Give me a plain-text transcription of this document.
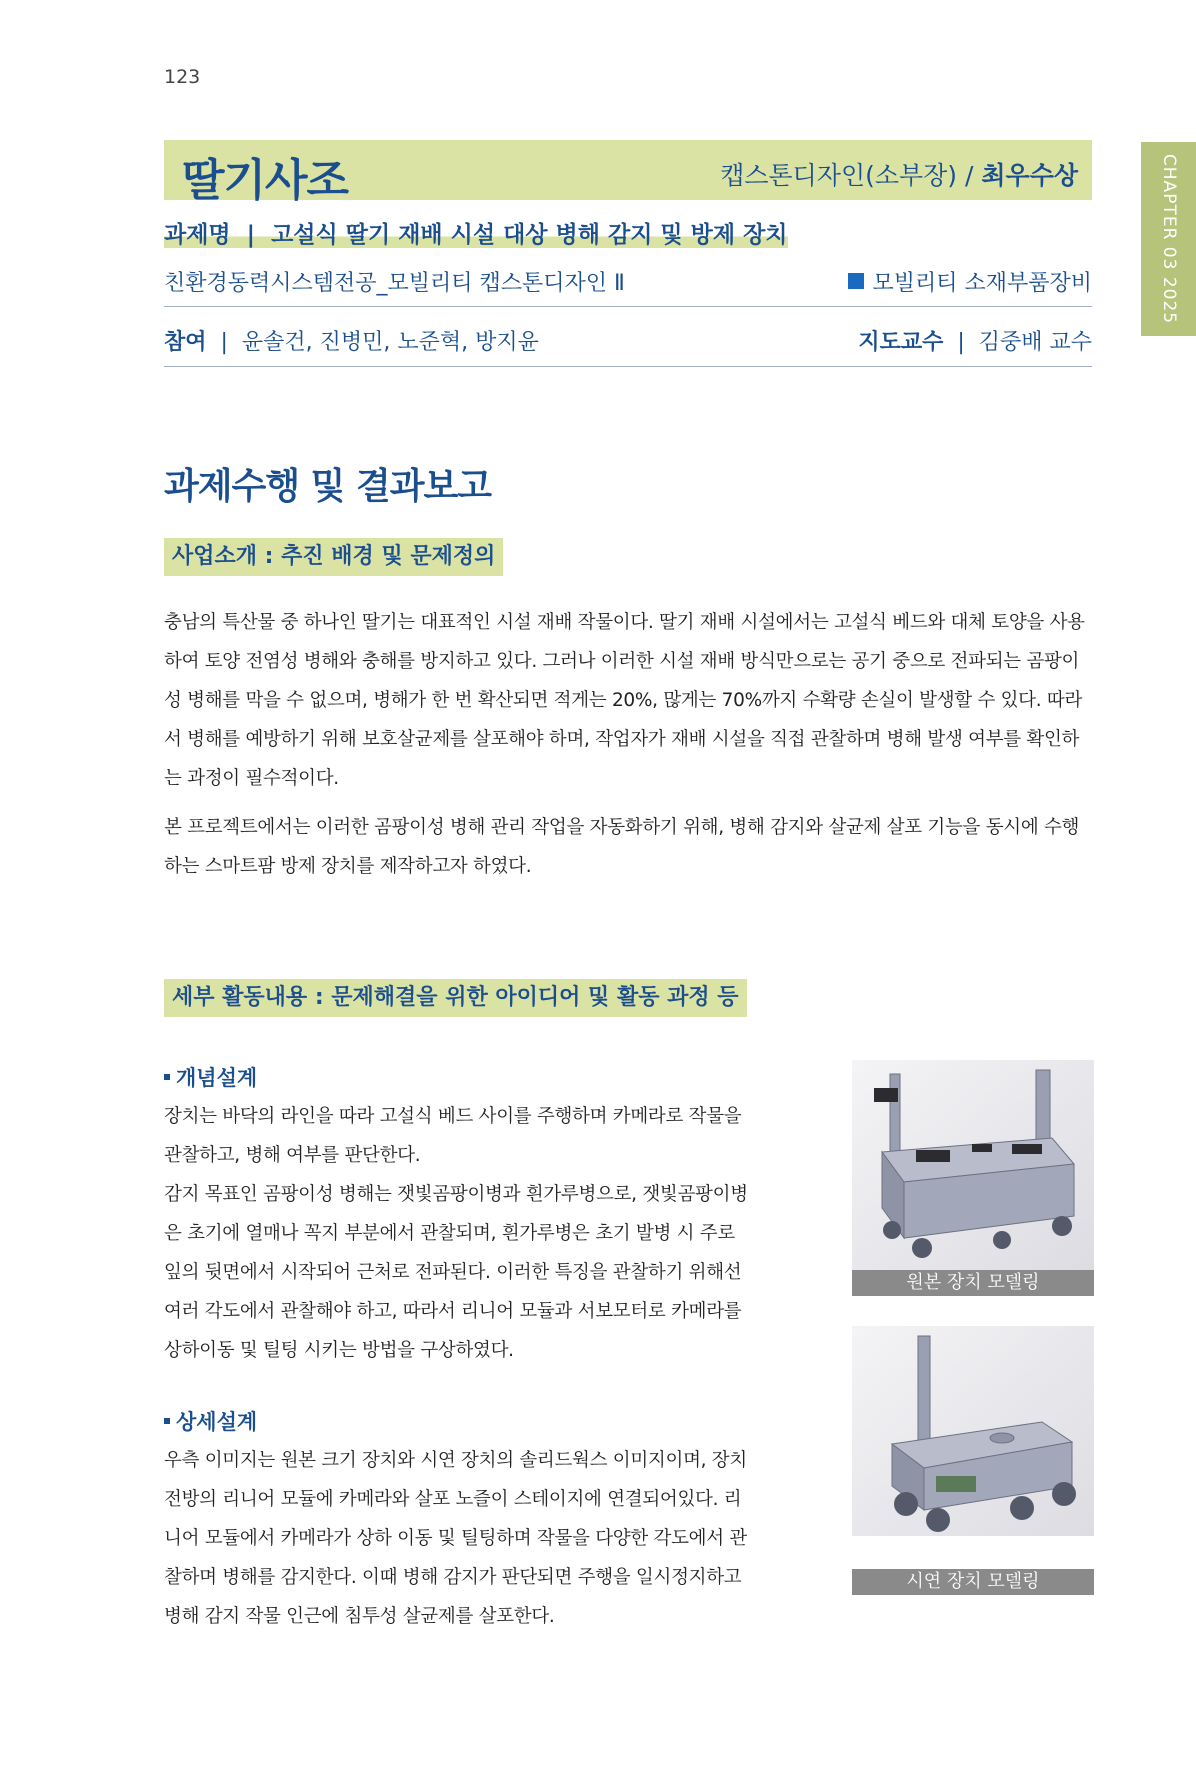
123
CHAPTER 03 2025
딸기사조	캡스톤디자인(소부장) / 최우수상
과제명  |  고설식 딸기 재배 시설 대상 병해 감지 및 방제 장치
친환경동력시스템전공_모빌리티 캡스톤디자인 Ⅱ	모빌리티 소재부품장비
참여  |  윤솔건, 진병민, 노준혁, 방지윤	지도교수  |  김중배 교수
과제수행 및 결과보고
사업소개 : 추진 배경 및 문제정의

충남의 특산물 중 하나인 딸기는 대표적인 시설 재배 작물이다. 딸기 재배 시설에서는 고설식 베드와 대체 토양을 사용하여 토양 전염성 병해와 충해를 방지하고 있다. 그러나 이러한 시설 재배 방식만으로는 공기 중으로 전파되는 곰팡이성 병해를 막을 수 없으며, 병해가 한 번 확산되면 적게는 20%, 많게는 70%까지 수확량 손실이 발생할 수 있다. 따라서 병해를 예방하기 위해 보호살균제를 살포해야 하며, 작업자가 재배 시설을 직접 관찰하며 병해 발생 여부를 확인하는 과정이 필수적이다.

본 프로젝트에서는 이러한 곰팡이성 병해 관리 작업을 자동화하기 위해, 병해 감지와 살균제 살포 기능을 동시에 수행하는 스마트팜 방제 장치를 제작하고자 하였다.

세부 활동내용 : 문제해결을 위한 아이디어 및 활동 과정 등
개념설계

장치는 바닥의 라인을 따라 고설식 베드 사이를 주행하며 카메라로 작물을 관찰하고, 병해 여부를 판단한다.

감지 목표인 곰팡이성 병해는 잿빛곰팡이병과 흰가루병으로, 잿빛곰팡이병은 초기에 열매나 꼭지 부분에서 관찰되며, 흰가루병은 초기 발병 시 주로 잎의 뒷면에서 시작되어 근처로 전파된다. 이러한 특징을 관찰하기 위해선 여러 각도에서 관찰해야 하고, 따라서 리니어 모듈과 서보모터로 카메라를 상하이동 및 틸팅 시키는 방법을 구상하였다.

상세설계

우측 이미지는 원본 크기 장치와 시연 장치의 솔리드웍스 이미지이며, 장치 전방의 리니어 모듈에 카메라와 살포 노즐이 스테이지에 연결되어있다. 리니어 모듈에서 카메라가 상하 이동 및 틸팅하며 작물을 다양한 각도에서 관찰하며 병해를 감지한다. 이때 병해 감지가 판단되면 주행을 일시정지하고 병해 감지 작물 인근에 침투성 살균제를 살포한다.

원본 장치 모델링
시연 장치 모델링
